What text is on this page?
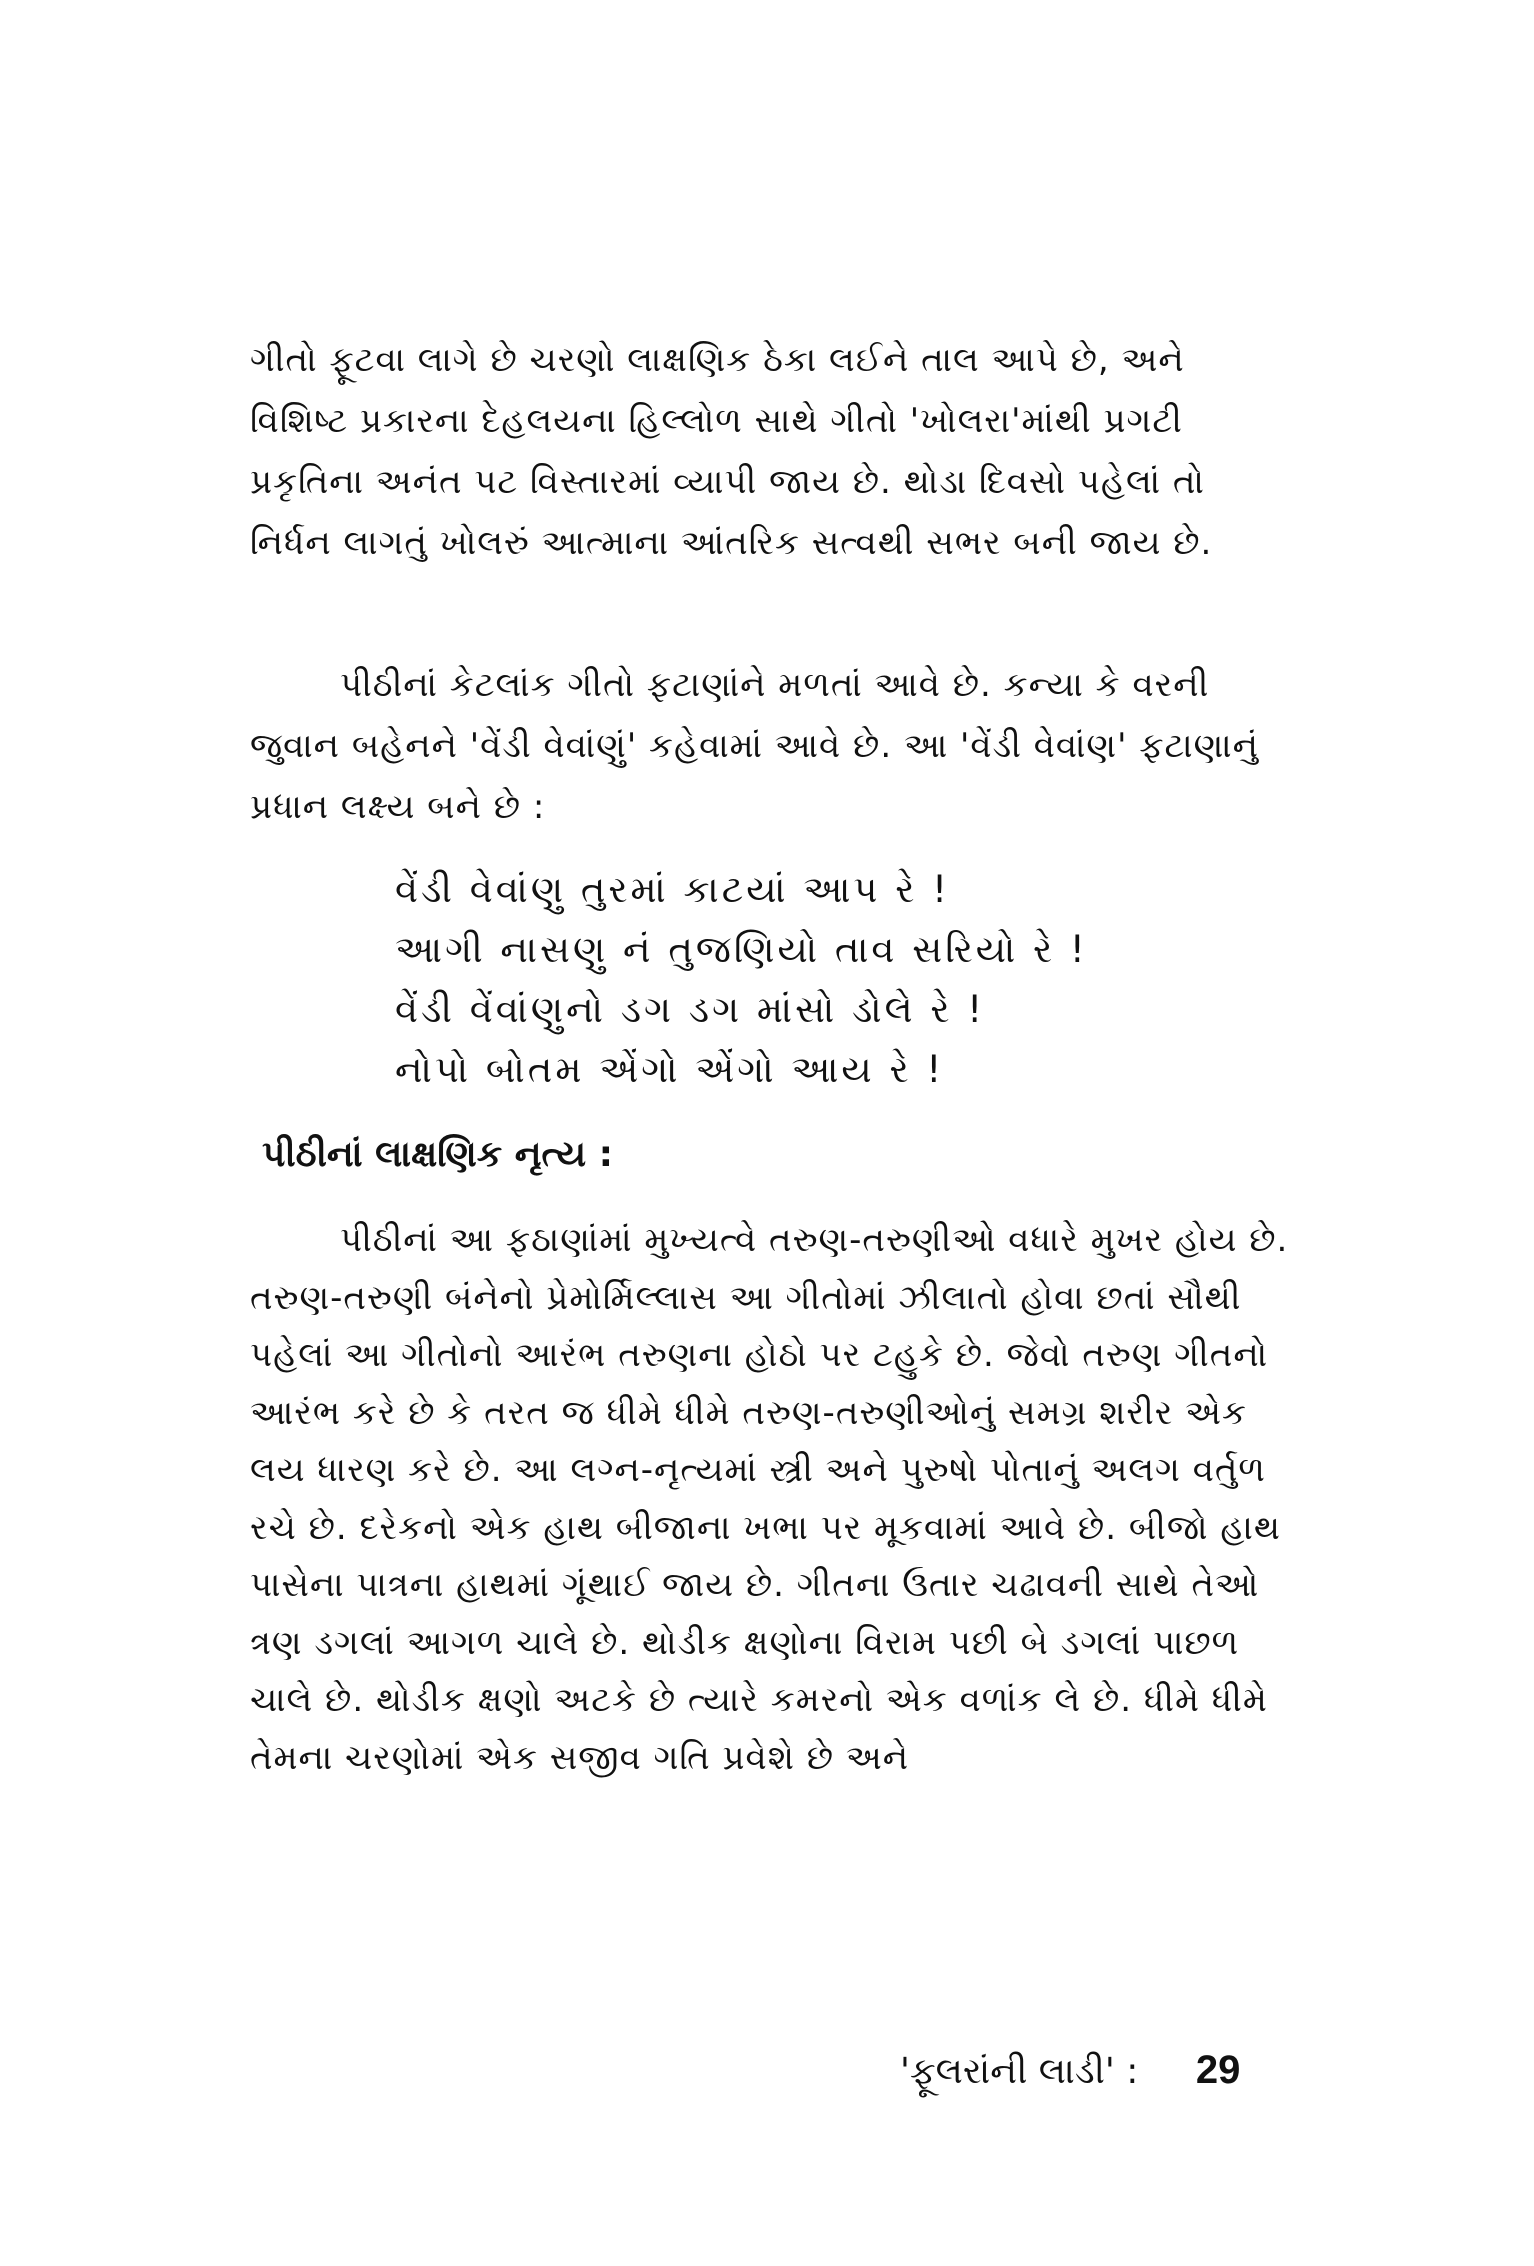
ગીતો ફૂટવા લાગે છે ચરણો લાક્ષણિક ઠેકા લઈને તાલ આપે છે, અને વિશિષ્ટ પ્રકારના દેહલયના હિલ્લોળ સાથે ગીતો 'ખોલરા'માંથી પ્રગટી પ્રકૃતિના અનંત પટ વિસ્તારમાં વ્યાપી જાય છે. થોડા દિવસો પહેલાં તો નિર્ધન લાગતું ખોલરું આત્માના આંતરિક સત્વથી સભર બની જાય છે.

પીઠીનાં કેટલાંક ગીતો ફટાણાંને મળતાં આવે છે. કન્યા કે વરની જુવાન બહેનને 'વેંડી વેવાંણું' કહેવામાં આવે છે. આ 'વેંડી વેવાંણ' ફટાણાનું પ્રધાન લક્ષ્ય બને છે :

વેંડી વેવાંણુ તુરમાં કાટયાં આપ રે !
આગી નાસણુ નં તુજણિયો તાવ સરિયો રે !
વેંડી વેંવાંણુનો ડગ ડગ માંસો ડોલે રે !
નોપો બોતમ એંગો એંગો આય રે !
પીઠીનાં લાક્ષણિક નૃત્ય :

પીઠીનાં આ ફઠાણાંમાં મુખ્યત્વે તરુણ-તરુણીઓ વધારે મુખર હોય છે. તરુણ-તરુણી બંનેનો પ્રેમોર્મિલ્લાસ આ ગીતોમાં ઝીલાતો હોવા છતાં સૌથી પહેલાં આ ગીતોનો આરંભ તરુણના હોઠો પર ટહુકે છે. જેવો તરુણ ગીતનો આરંભ કરે છે કે તરત જ ધીમે ધીમે તરુણ-તરુણીઓનું સમગ્ર શરીર એક લય ધારણ કરે છે. આ લગ્ન-નૃત્યમાં સ્ત્રી અને પુરુષો પોતાનું અલગ વર્તુળ રચે છે. દરેકનો એક હાથ બીજાના ખભા પર મૂકવામાં આવે છે. બીજો હાથ પાસેના પાત્રના હાથમાં ગૂંથાઈ જાય છે. ગીતના ઉતાર ચઢાવની સાથે તેઓ ત્રણ ડગલાં આગળ ચાલે છે. થોડીક ક્ષણોના વિરામ પછી બે ડગલાં પાછળ ચાલે છે. થોડીક ક્ષણો અટકે છે ત્યારે કમરનો એક વળાંક લે છે. ધીમે ધીમે તેમના ચરણોમાં એક સજીવ ગતિ પ્રવેશે છે અને

'ફૂલરાંની લાડી' : 29
